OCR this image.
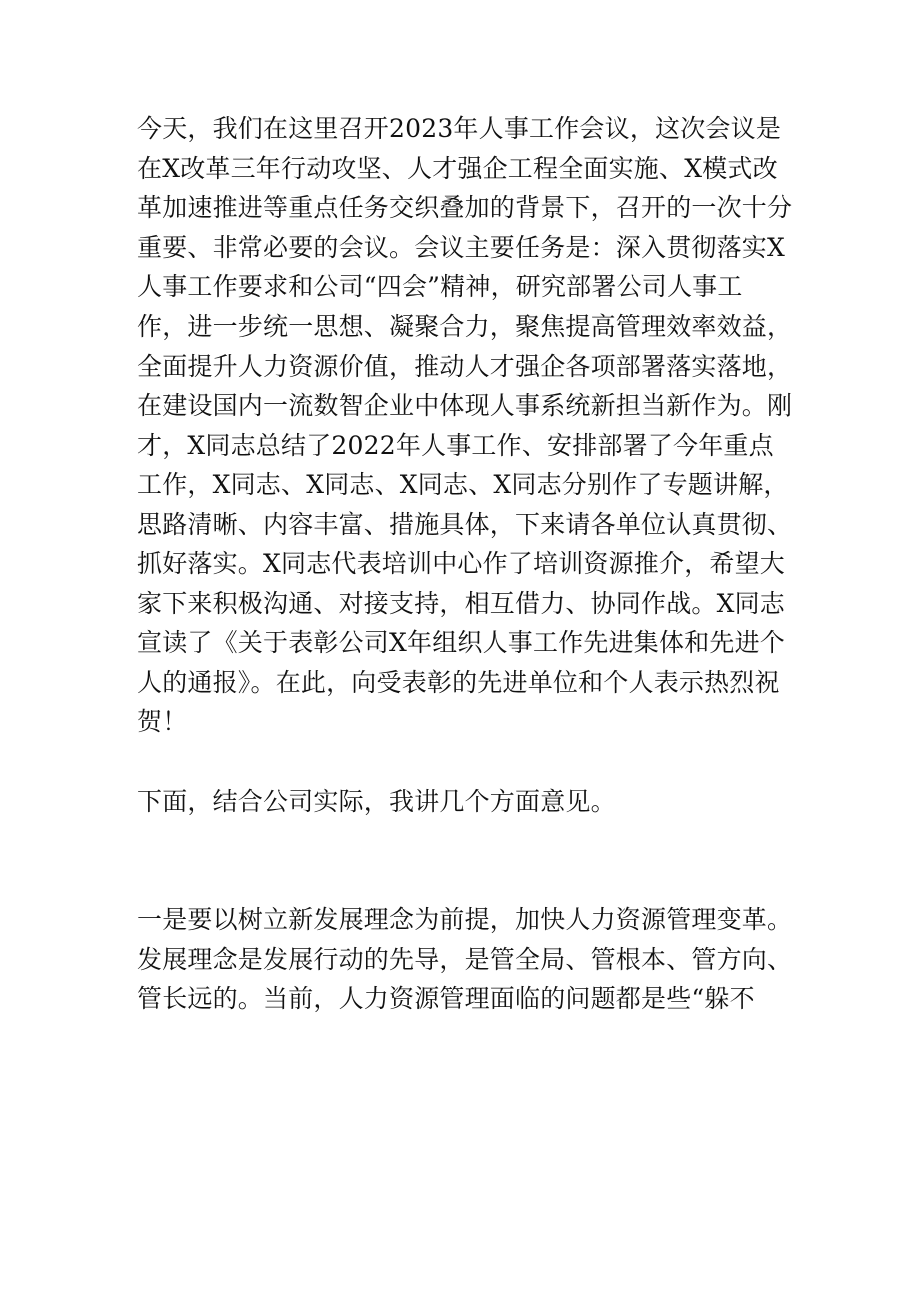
今天，我们在这里召开2023年人事工作会议，这次会议是
在X改革三年行动攻坚、人才强企工程全面实施、X模式改
革加速推进等重点任务交织叠加的背景下，召开的一次十分
重要、非常必要的会议。会议主要任务是：深入贯彻落实X
人事工作要求和公司“四会”精神，研究部署公司人事工
作，进一步统一思想、凝聚合力，聚焦提高管理效率效益，
全面提升人力资源价值，推动人才强企各项部署落实落地，
在建设国内一流数智企业中体现人事系统新担当新作为。刚
才，X同志总结了2022年人事工作、安排部署了今年重点
工作，X同志、X同志、X同志、X同志分别作了专题讲解，
思路清晰、内容丰富、措施具体，下来请各单位认真贯彻、
抓好落实。X同志代表培训中心作了培训资源推介，希望大
家下来积极沟通、对接支持，相互借力、协同作战。X同志
宣读了《关于表彰公司X年组织人事工作先进集体和先进个
人的通报》。在此，向受表彰的先进单位和个人表示热烈祝
贺！
下面，结合公司实际，我讲几个方面意见。
一是要以树立新发展理念为前提，加快人力资源管理变革。
发展理念是发展行动的先导，是管全局、管根本、管方向、
管长远的。当前，人力资源管理面临的问题都是些“躲不
